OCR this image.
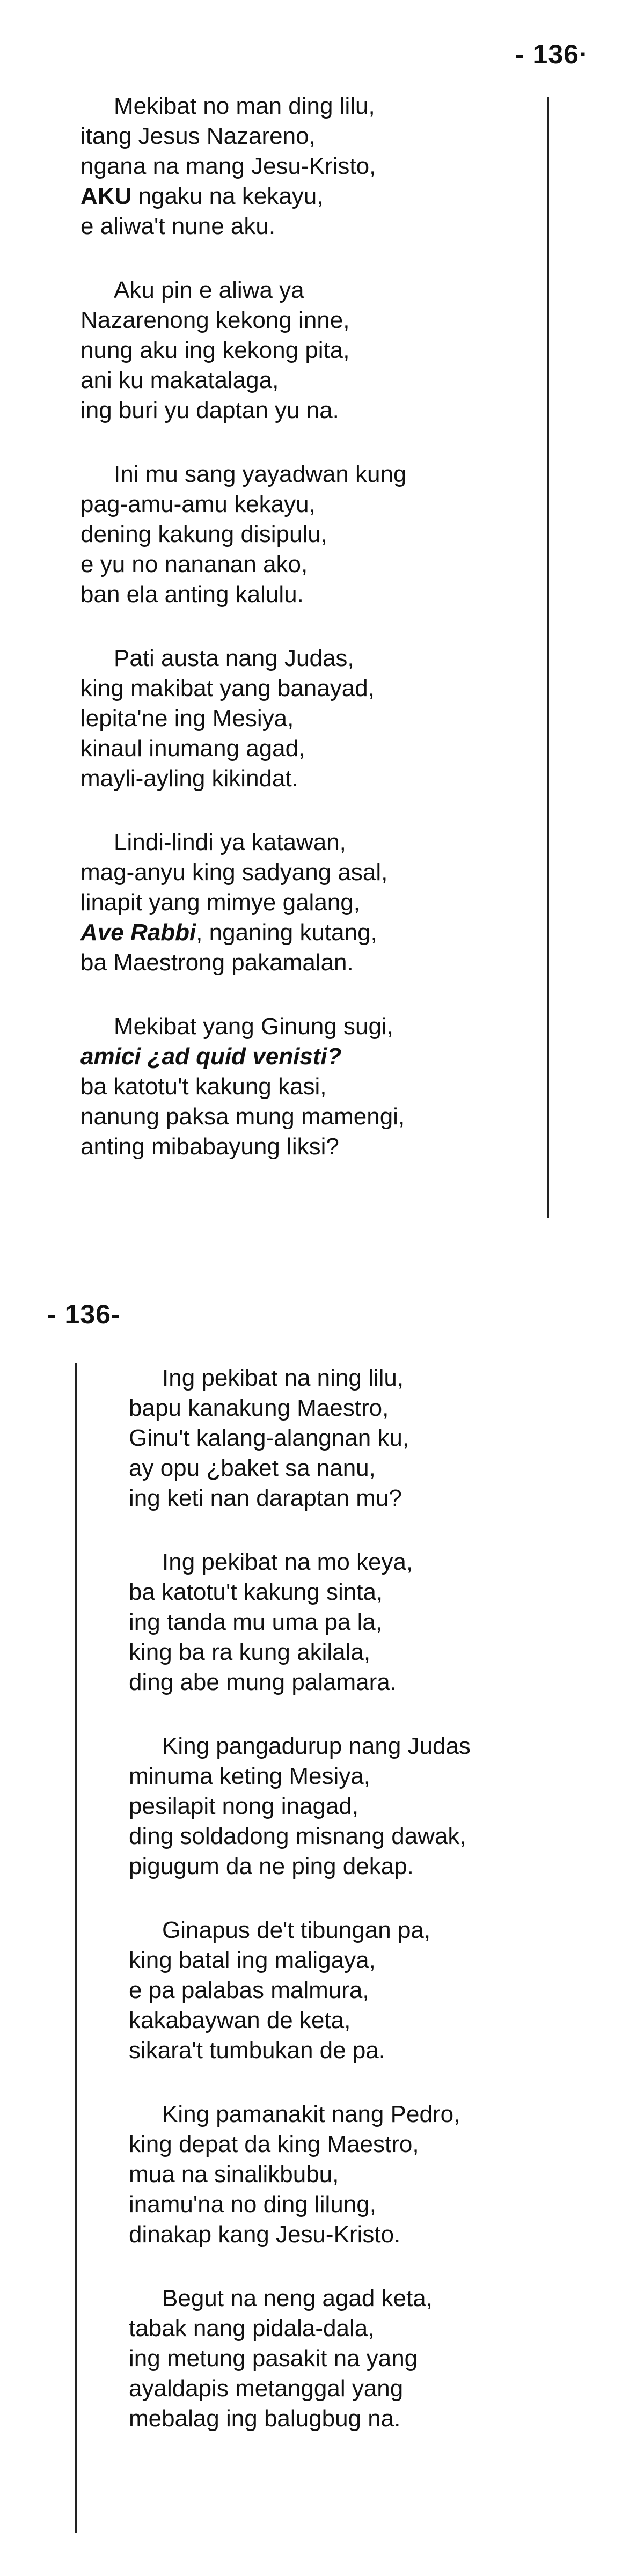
- 136·
Mekibat no man ding lilu,
itang Jesus Nazareno,
ngana na mang Jesu-Kristo,
AKU ngaku na kekayu,
e aliwa't nune aku.
Aku pin e aliwa ya
Nazarenong kekong inne,
nung aku ing kekong pita,
ani ku makatalaga,
ing buri yu daptan yu na.
Ini mu sang yayadwan kung
pag-amu-amu kekayu,
dening kakung disipulu,
e yu no nananan ako,
ban ela anting kalulu.
Pati austa nang Judas,
king makibat yang banayad,
lepita'ne ing Mesiya,
kinaul inumang agad,
mayli-ayling kikindat.
Lindi-lindi ya katawan,
mag-anyu king sadyang asal,
linapit yang mimye galang,
Ave Rabbi, nganing kutang,
ba Maestrong pakamalan.
Mekibat yang Ginung sugi,
amici ¿ad quid venisti?
ba katotu't kakung kasi,
nanung paksa mung mamengi,
anting mibabayung liksi?
- 136-
Ing pekibat na ning lilu,
bapu kanakung Maestro,
Ginu't kalang-alangnan ku,
ay opu ¿baket sa nanu,
ing keti nan daraptan mu?
Ing pekibat na mo keya,
ba katotu't kakung sinta,
ing tanda mu uma pa la,
king ba ra kung akilala,
ding abe mung palamara.
King pangadurup nang Judas
minuma keting Mesiya,
pesilapit nong inagad,
ding soldadong misnang dawak,
pigugum da ne ping dekap.
Ginapus de't tibungan pa,
king batal ing maligaya,
e pa palabas malmura,
kakabaywan de keta,
sikara't tumbukan de pa.
King pamanakit nang Pedro,
king depat da king Maestro,
mua na sinalikbubu,
inamu'na no ding lilung,
dinakap kang Jesu-Kristo.
Begut na neng agad keta,
tabak nang pidala-dala,
ing metung pasakit na yang
ayaldapis metanggal yang
mebalag ing balugbug na.
